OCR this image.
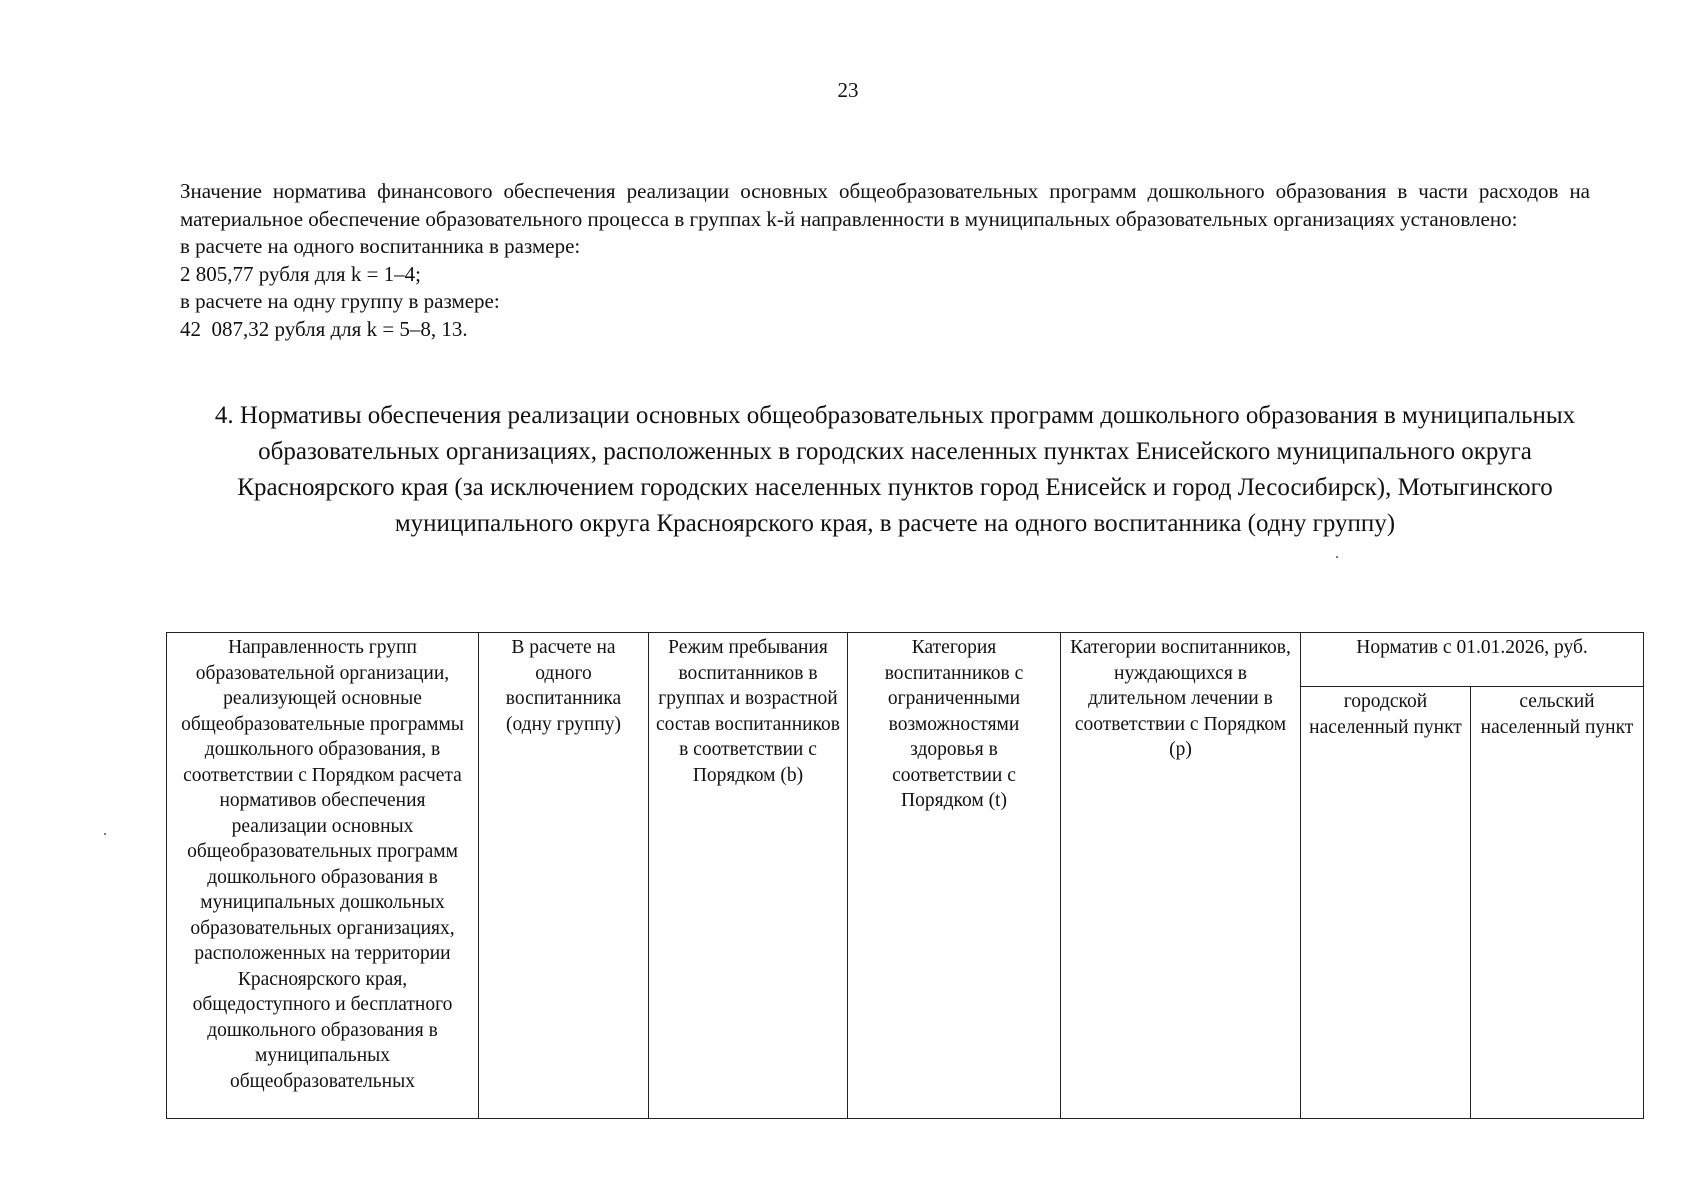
23
Значение норматива финансового обеспечения реализации основных общеобразовательных программ дошкольного образования в части расходов на материальное обеспечение образовательного процесса в группах k-й направленности в муниципальных образовательных организациях установлено:
в расчете на одного воспитанника в размере:
2 805,77 рубля для k = 1–4;
в расчете на одну группу в размере:
42  087,32 рубля для k = 5–8, 13.
4. Нормативы обеспечения реализации основных общеобразовательных программ дошкольного образования в муниципальных образовательных организациях, расположенных в городских населенных пунктах Енисейского муниципального округа Красноярского края (за исключением городских населенных пунктов город Енисейск и город Лесосибирск), Мотыгинского муниципального округа Красноярского края, в расчете на одного воспитанника (одну группу)
Направленность групп образовательной организации, реализующей основные общеобразовательные программы дошкольного образования, в соответствии с Порядком расчета нормативов обеспечения реализации основных общеобразовательных программ дошкольного образования в муниципальных дошкольных образовательных организациях, расположенных на территории Красноярского края, общедоступного и бесплатного дошкольного образования в муниципальных общеобразовательных	В расчете на одного воспитанника (одну группу)	Режим пребывания воспитанников в группах и возрастной состав воспитанников в соответствии с Порядком (b)	Категория воспитанников с ограниченными возможностями здоровья в соответствии с Порядком (t)	Категории воспитанников, нуждающихся в длительном лечении в соответствии с Порядком (p)	Норматив с 01.01.2026, руб.	
					городской населенный пункт	сельский населенный пункт
